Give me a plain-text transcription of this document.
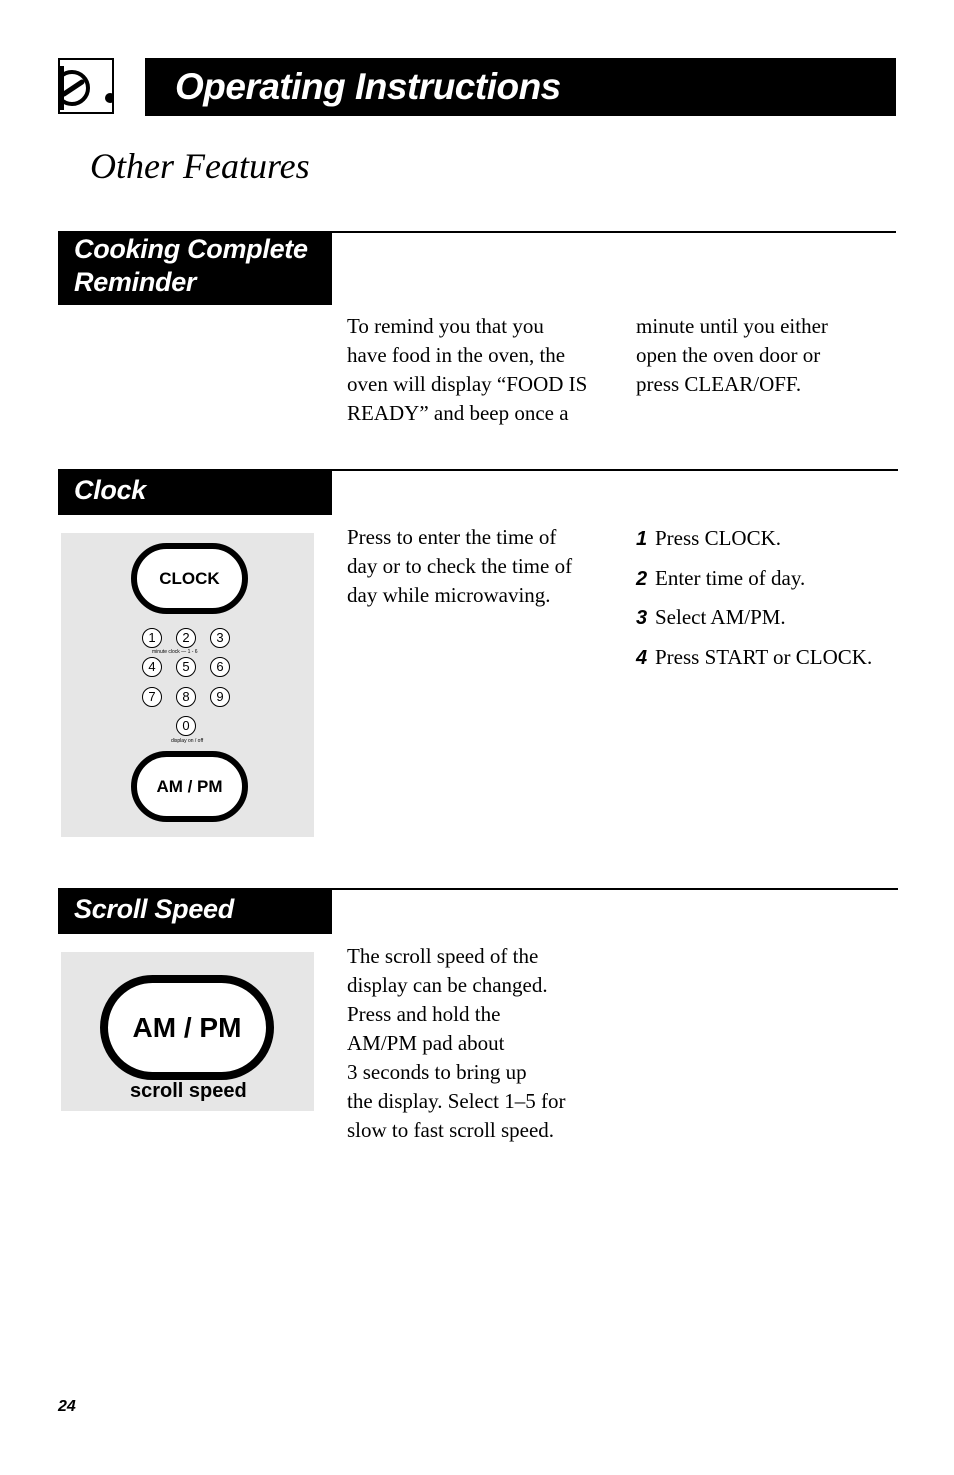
Operating Instructions
Other Features
Cooking Complete
Reminder
To remind you that you
have food in the oven, the
oven will display “FOOD IS
READY” and beep once a
minute until you either
open the oven door or
press CLEAR/OFF.
Clock
CLOCK
1	2	3
minute clock — 1 - 6
4	5	6
7	8	9
0
display on / off
AM / PM
Press to enter the time of
day or to check the time of
day while microwaving.
1 Press CLOCK.
2 Enter time of day.
3 Select AM/PM.
4 Press START or CLOCK.
Scroll Speed
AM / PM
scroll speed
The scroll speed of the
display can be changed.
Press and hold the
AM/PM pad about
3 seconds to bring up
the display. Select 1–5 for
slow to fast scroll speed.
24
